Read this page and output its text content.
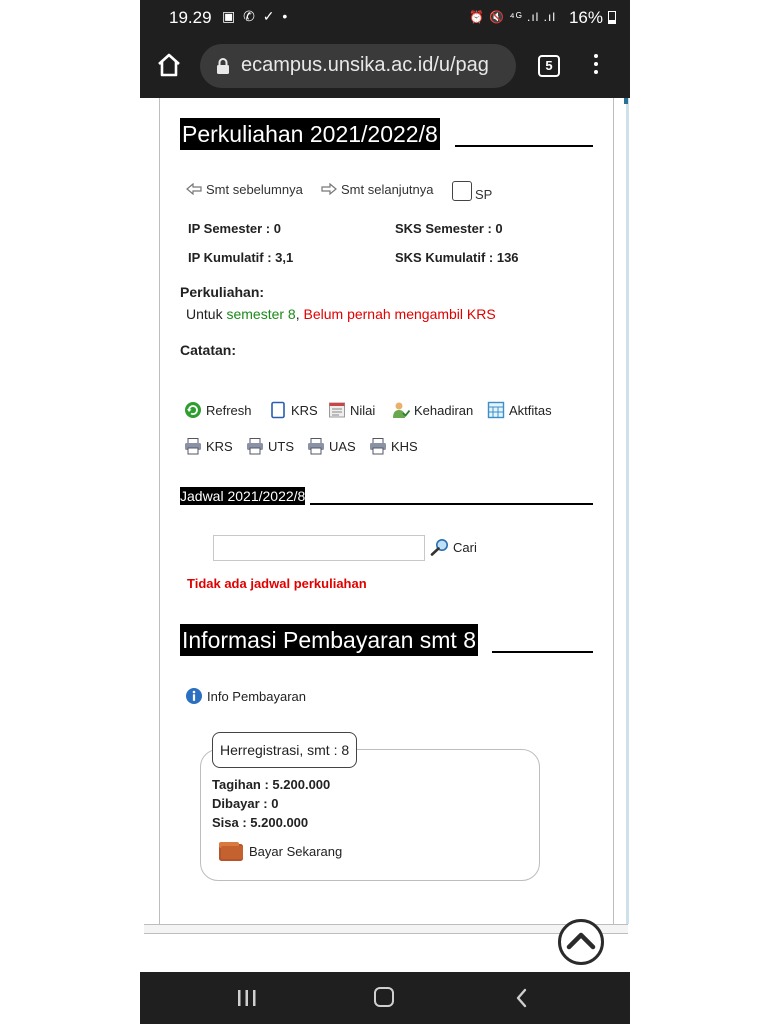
19.29 ▣ ✆ ✓ •	⏰ 🔇 ⁴ᴳ .ıl .ıl 16%
ecampus.unsika.ac.id/u/pag	5
Perkuliahan 2021/2022/8
Smt sebelumnya	Smt selanjutnya	SP
IP Semester : 0	SKS Semester : 0
IP Kumulatif : 3,1	SKS Kumulatif : 136
Perkuliahan:
Untuk semester 8, Belum pernah mengambil KRS
Catatan:
Refresh	KRS	Nilai	Kehadiran	Aktfitas
KRS	UTS	UAS	KHS
Jadwal 2021/2022/8
Cari
Tidak ada jadwal perkuliahan
Informasi Pembayaran smt 8
Info Pembayaran
Herregistrasi, smt : 8
Tagihan : 5.200.000
Dibayar : 0
Sisa : 5.200.000
Bayar Sekarang
